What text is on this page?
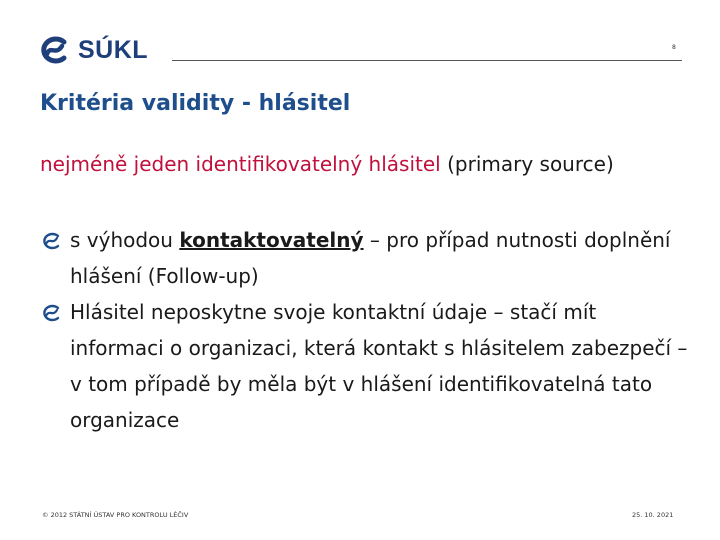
SÚKL	8
Kritéria validity - hlásitel

nejméně jeden identifikovatelný hlásitel (primary source)

s výhodou kontaktovatelný – pro případ nutnosti doplnění hlášení (Follow-up)
Hlásitel neposkytne svoje kontaktní údaje – stačí mít informaci o organizaci, která kontakt s hlásitelem zabezpečí – v tom případě by měla být v hlášení identifikovatelná tato organizace
© 2012 STÁTNÍ ÚSTAV PRO KONTROLU LÉČIV	25. 10. 2021
